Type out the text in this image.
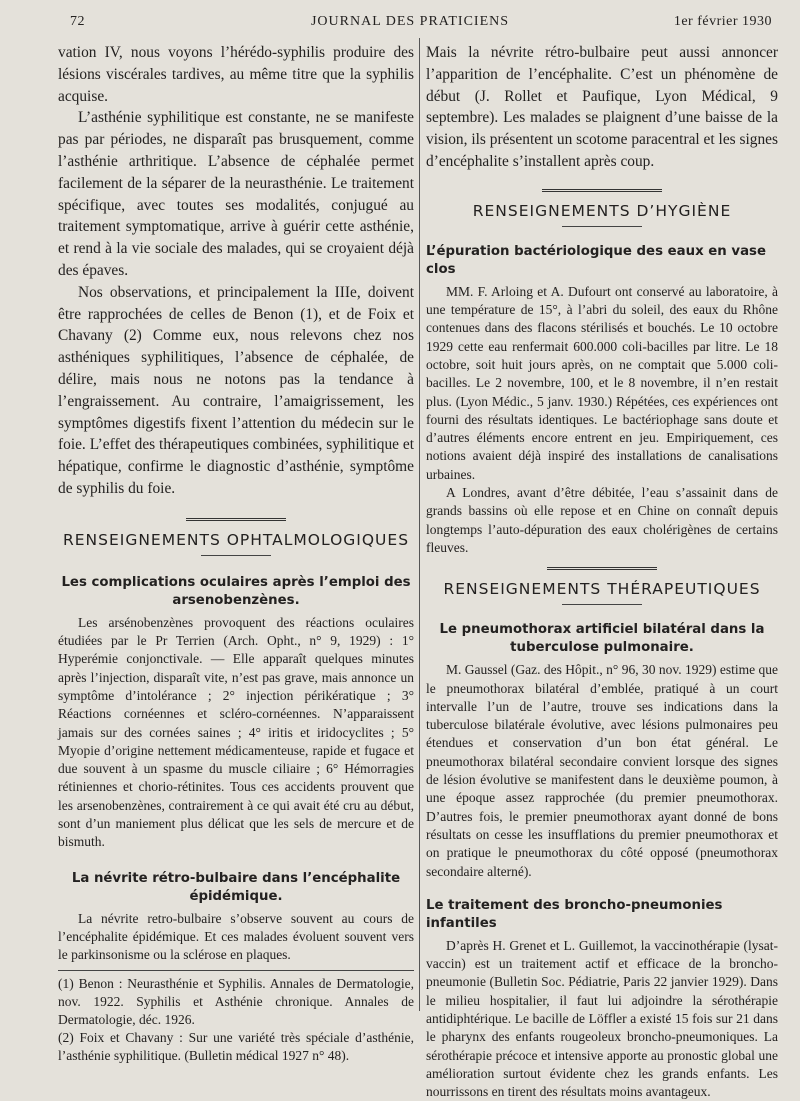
72	JOURNAL DES PRATICIENS	1er février 1930

vation IV, nous voyons l’hérédo-syphilis produire des lésions viscérales tardives, au même titre que la syphilis acquise.

L’asthénie syphilitique est constante, ne se manifeste pas par périodes, ne disparaît pas brusquement, comme l’asthénie arthritique. L’absence de céphalée permet facilement de la séparer de la neurasthénie. Le traitement spécifique, avec toutes ses modalités, conjugué au traitement symptomatique, arrive à guérir cette asthénie, et rend à la vie sociale des malades, qui se croyaient déjà des épaves.

Nos observations, et principalement la IIIe, doivent être rapprochées de celles de Benon (1), et de Foix et Chavany (2) Comme eux, nous relevons chez nos asthéniques syphilitiques, l’absence de céphalée, de délire, mais nous ne notons pas la tendance à l’engraissement. Au contraire, l’amaigrissement, les symptômes digestifs fixent l’attention du médecin sur le foie. L’effet des thérapeutiques combinées, syphilitique et hépatique, confirme le diagnostic d’asthénie, symptôme de syphilis du foie.

RENSEIGNEMENTS OPHTALMOLOGIQUES
Les complications oculaires après l’emploi des arsenobenzènes.

Les arsénobenzènes provoquent des réactions oculaires étudiées par le Pr Terrien (Arch. Opht., n° 9, 1929) : 1° Hyperémie conjonctivale. — Elle apparaît quelques minutes après l’injection, disparaît vite, n’est pas grave, mais annonce un symptôme d’intolérance ; 2° injection périkératique ; 3° Réactions cornéennes et scléro-cornéennes. N’apparaissent jamais sur des cornées saines ; 4° iritis et iridocyclites ; 5° Myopie d’origine nettement médicamenteuse, rapide et fugace et due souvent à un spasme du muscle ciliaire ; 6° Hémorragies rétiniennes et chorio-rétinites. Tous ces accidents prouvent que les arsenobenzènes, contrairement à ce qui avait été cru au début, sont d’un maniement plus délicat que les sels de mercure et de bismuth.

La névrite rétro-bulbaire dans l’encéphalite épidémique.

La névrite retro-bulbaire s’observe souvent au cours de l’encéphalite épidémique. Et ces malades évoluent souvent vers le parkinsonisme ou la sclérose en plaques.

(1) Benon : Neurasthénie et Syphilis. Annales de Dermatologie, nov. 1922. Syphilis et Asthénie chronique. Annales de Dermatologie, déc. 1926.
(2) Foix et Chavany : Sur une variété très spéciale d’asthénie, l’asthénie syphilitique. (Bulletin médical 1927 n° 48).

Mais la névrite rétro-bulbaire peut aussi annoncer l’apparition de l’encéphalite. C’est un phénomène de début (J. Rollet et Paufique, Lyon Médical, 9 septembre). Les malades se plaignent d’une baisse de la vision, ils présentent un scotome paracentral et les signes d’encéphalite s’installent après coup.

RENSEIGNEMENTS D’HYGIÈNE
L’épuration bactériologique des eaux en vase clos

MM. F. Arloing et A. Dufourt ont conservé au laboratoire, à une température de 15°, à l’abri du soleil, des eaux du Rhône contenues dans des flacons stérilisés et bouchés. Le 10 octobre 1929 cette eau renfermait 600.000 coli-bacilles par litre. Le 18 octobre, soit huit jours après, on ne comptait que 5.000 coli-bacilles. Le 2 novembre, 100, et le 8 novembre, il n’en restait plus. (Lyon Médic., 5 janv. 1930.) Répétées, ces expériences ont fourni des résultats identiques. Le bactériophage sans doute et d’autres éléments encore entrent en jeu. Empiriquement, ces notions avaient déjà inspiré des installations de canalisations urbaines.

A Londres, avant d’être débitée, l’eau s’assainit dans de grands bassins où elle repose et en Chine on connaît depuis longtemps l’auto-dépuration des eaux cholérigènes de certains fleuves.

RENSEIGNEMENTS THÉRAPEUTIQUES
Le pneumothorax artificiel bilatéral dans la tuberculose pulmonaire.

M. Gaussel (Gaz. des Hôpit., n° 96, 30 nov. 1929) estime que le pneumothorax bilatéral d’emblée, pratiqué à un court intervalle l’un de l’autre, trouve ses indications dans la tuberculose bilatérale évolutive, avec lésions pulmonaires peu étendues et conservation d’un bon état général. Le pneumothorax bilatéral secondaire convient lorsque des signes de lésion évolutive se manifestent dans le deuxième poumon, à une époque assez rapprochée (du premier pneumothorax. D’autres fois, le premier pneumothorax ayant donné de bons résultats on cesse les insufflations du premier pneumothorax et on pratique le pneumothorax du côté opposé (pneumothorax secondaire alterné).

Le traitement des broncho-pneumonies infantiles

D’après H. Grenet et L. Guillemot, la vaccinothérapie (lysat-vaccin) est un traitement actif et efficace de la broncho-pneumonie (Bulletin Soc. Pédiatrie, Paris 22 janvier 1929). Dans le milieu hospitalier, il faut lui adjoindre la sérothérapie antidiphtérique. Le bacille de Löffler a existé 15 fois sur 21 dans le pharynx des enfants rougeoleux broncho-pneumoniques. La sérothérapie précoce et intensive apporte au pronostic global une amélioration surtout évidente chez les grands enfants. Les nourrissons en tirent des résultats moins avantageux.
